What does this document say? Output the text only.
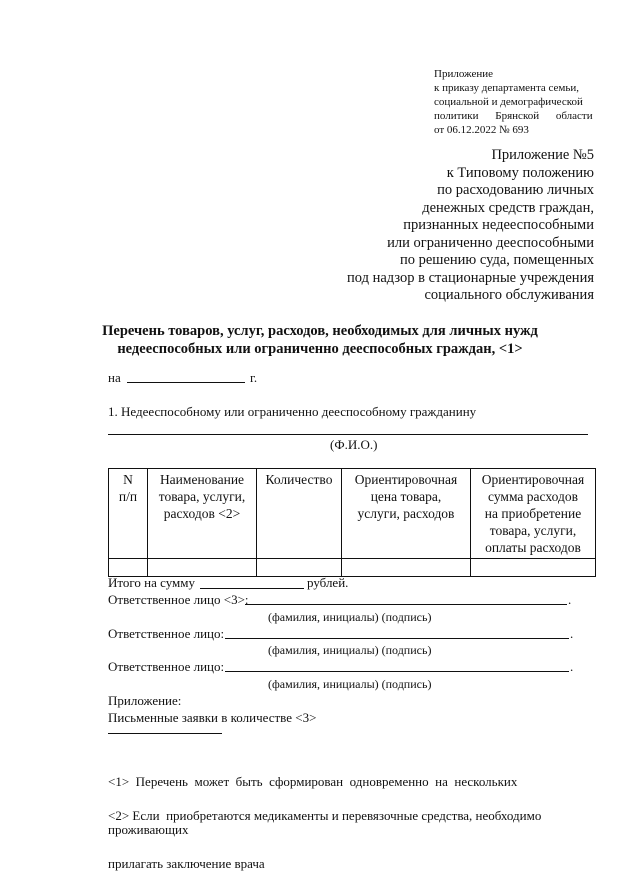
Приложение
к приказу департамента семьи,
социальной и демографической
политики Брянской области
от 06.12.2022 № 693
Приложение №5
к Типовому положению
по расходованию личных
денежных средств граждан,
признанных недееспособными
или ограниченно дееспособными
по решению суда, помещенных
под надзор в стационарные учреждения
социального обслуживания
Перечень товаров, услуг, расходов, необходимых для личных нужд
недееспособных или ограниченно дееспособных граждан, <1>
на	г.
1. Недееспособному или ограниченно дееспособному гражданину
(Ф.И.О.)
N
п/п	Наименование
товара, услуги,
расходов <2>	Количество	Ориентировочная
цена товара,
услуги, расходов	Ориентировочная
сумма расходов
на приобретение
товара, услуги,
оплаты расходов

Итого на сумму	рублей.
Ответственное лицо <3>:	.
(фамилия, инициалы) (подпись)
Ответственное лицо:	.
(фамилия, инициалы) (подпись)
Ответственное лицо:	.
(фамилия, инициалы) (подпись)
Приложение:
Письменные заявки в количестве <3>

<1>  Перечень  может  быть  сформирован  одновременно  на  нескольких

проживающих

<2> Если  приобретаются медикаменты и перевязочные средства, необходимо

прилагать заключение врача
